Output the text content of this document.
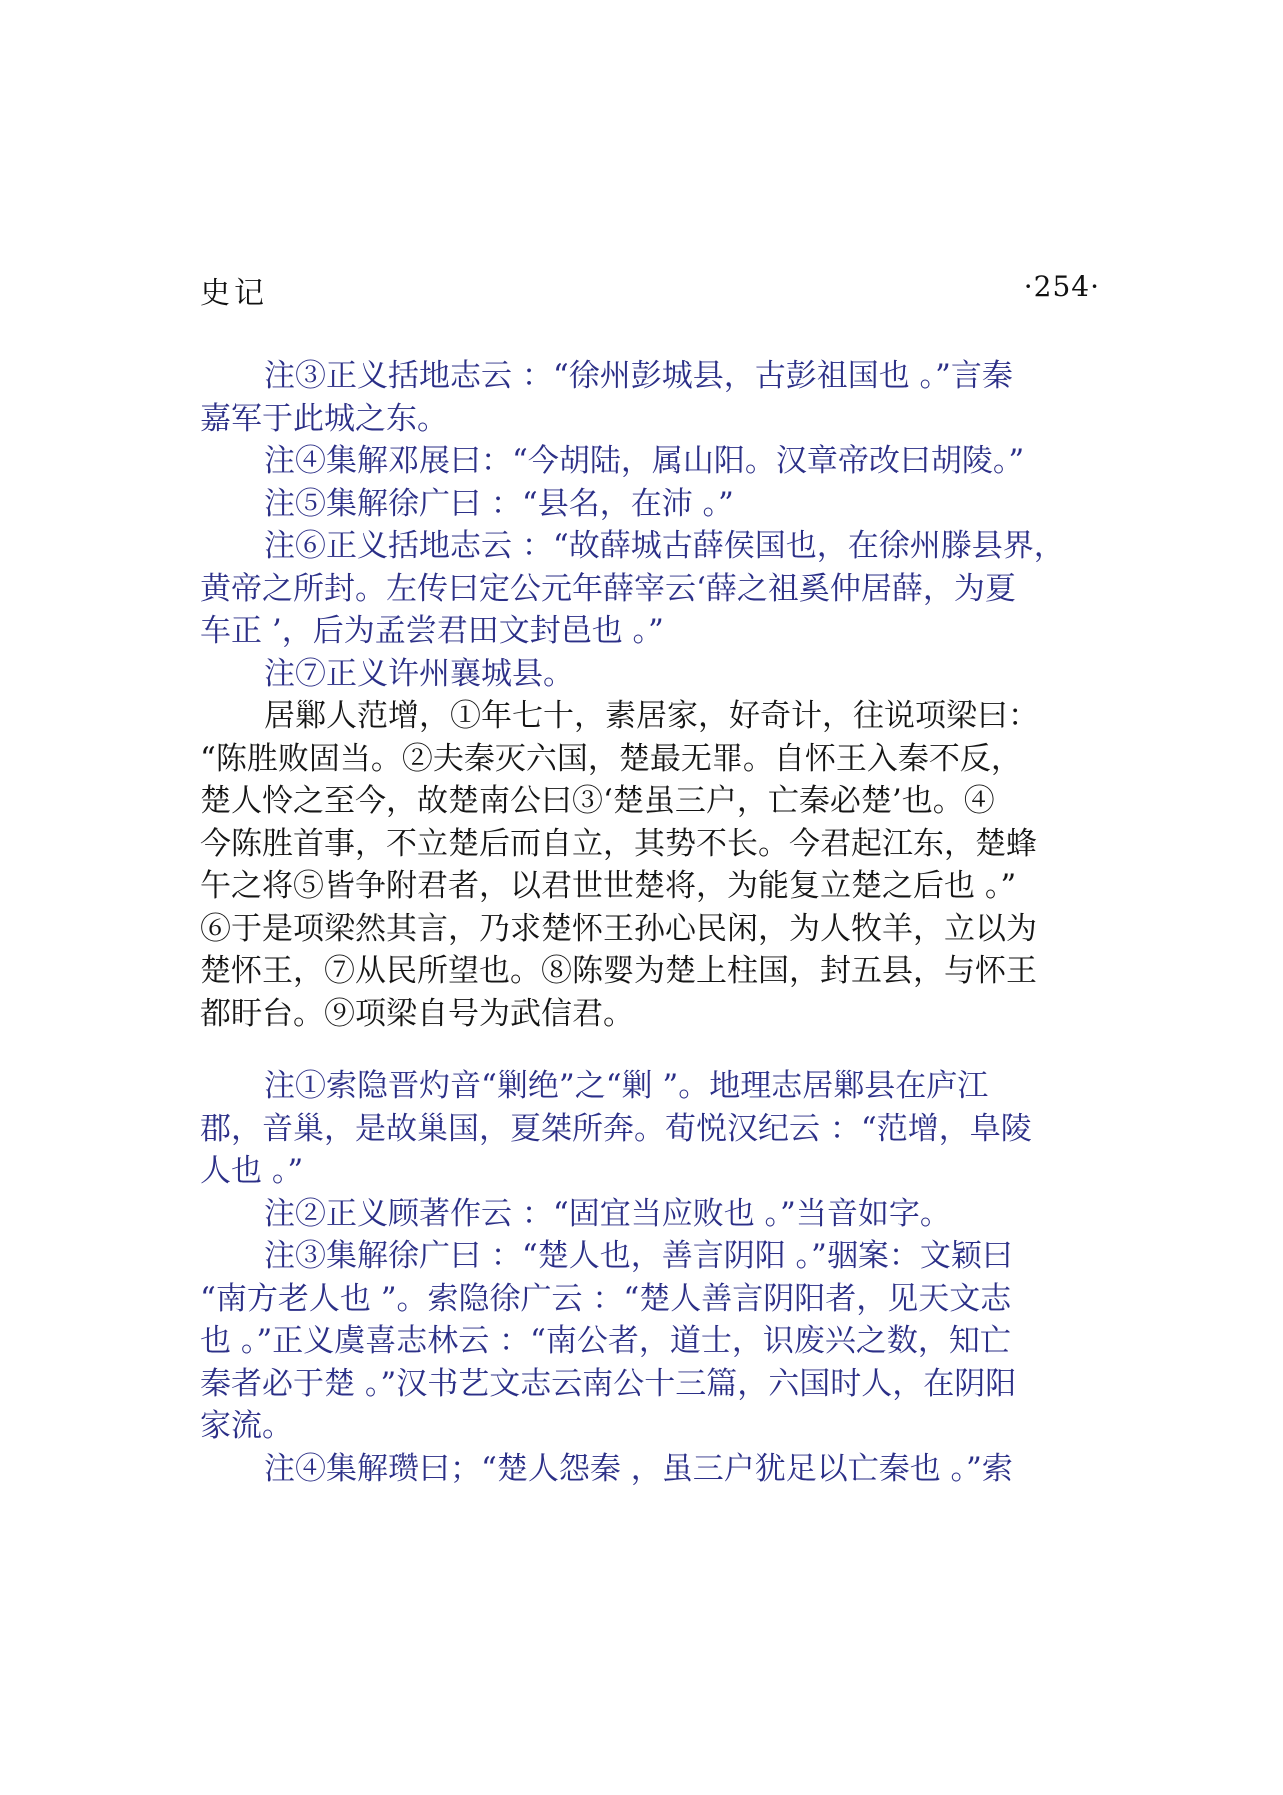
史记	·254·
注③正义括地志云 ：“徐州彭城县，古彭祖国也 。”言秦
嘉军于此城之东。
注④集解邓展曰：“今胡陆，属山阳。汉章帝改曰胡陵。”
注⑤集解徐广曰 ：“县名，在沛 。”
注⑥正义括地志云 ：“故薛城古薛侯国也，在徐州滕县界，
黄帝之所封。左传曰定公元年薛宰云‘薛之祖奚仲居薛，为夏
车正 ’，后为孟尝君田文封邑也 。”
注⑦正义许州襄城县。
居鄛人范增，①年七十，素居家，好奇计，往说项梁曰：
“陈胜败固当。②夫秦灭六国，楚最无罪。自怀王入秦不反，
楚人怜之至今，故楚南公曰③‘楚虽三户，亡秦必楚’也。④
今陈胜首事，不立楚后而自立，其势不长。今君起江东，楚蜂
午之将⑤皆争附君者，以君世世楚将，为能复立楚之后也 。”
⑥于是项梁然其言，乃求楚怀王孙心民闲，为人牧羊，立以为
楚怀王，⑦从民所望也。⑧陈婴为楚上柱国，封五县，与怀王
都盱台。⑨项梁自号为武信君。
注①索隐晋灼音“剿绝”之“剿 ”。地理志居鄛县在庐江
郡，音巢，是故巢国，夏桀所奔。荀悦汉纪云 ：“范增，阜陵
人也 。”
注②正义顾著作云 ：“固宜当应败也 。”当音如字。
注③集解徐广曰 ：“楚人也，善言阴阳 。”骃案：文颖曰
“南方老人也 ”。索隐徐广云 ：“楚人善言阴阳者，见天文志
也 。”正义虞喜志林云 ：“南公者，道士，识废兴之数，知亡
秦者必于楚 。”汉书艺文志云南公十三篇，六国时人，在阴阳
家流。
注④集解瓒曰；“楚人怨秦 ，虽三户犹足以亡秦也 。”索
